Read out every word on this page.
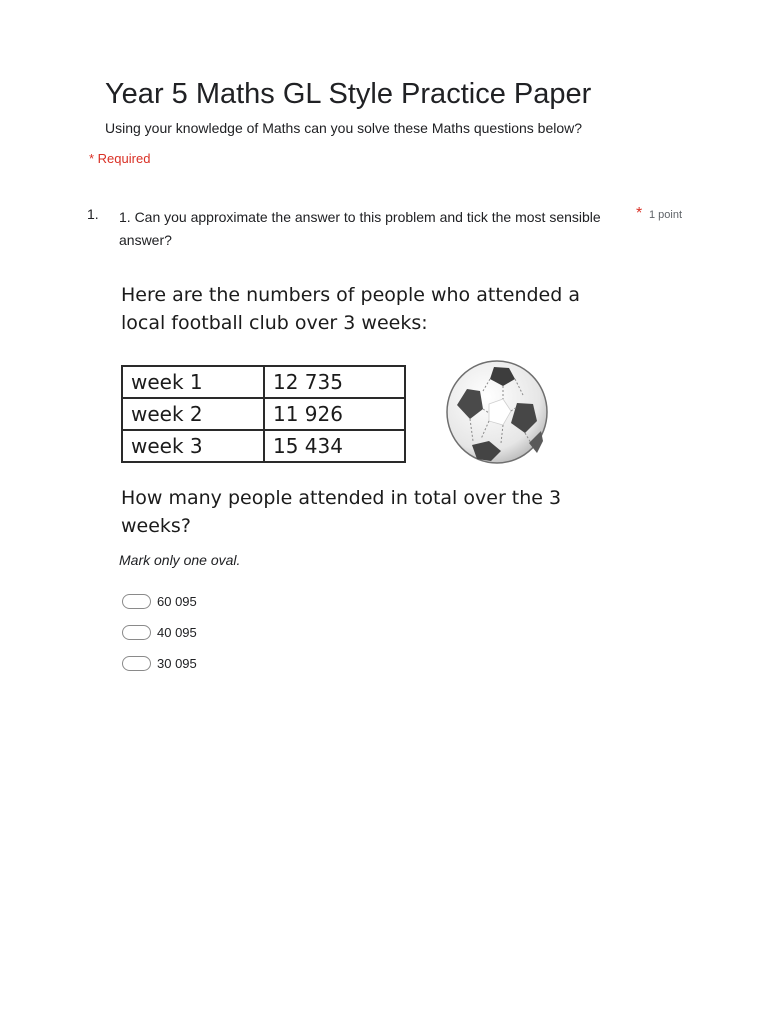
Year 5 Maths GL Style Practice Paper
Using your knowledge of Maths can you solve these Maths questions below?
* Required
1. 1. Can you approximate the answer to this problem and tick the most sensible answer?
* 1 point
Here are the numbers of people who attended a local football club over 3 weeks:
week 1	12 735
week 2	11 926
week 3	15 434
How many people attended in total over the 3 weeks?
Mark only one oval.
60 095
40 095
30 095
